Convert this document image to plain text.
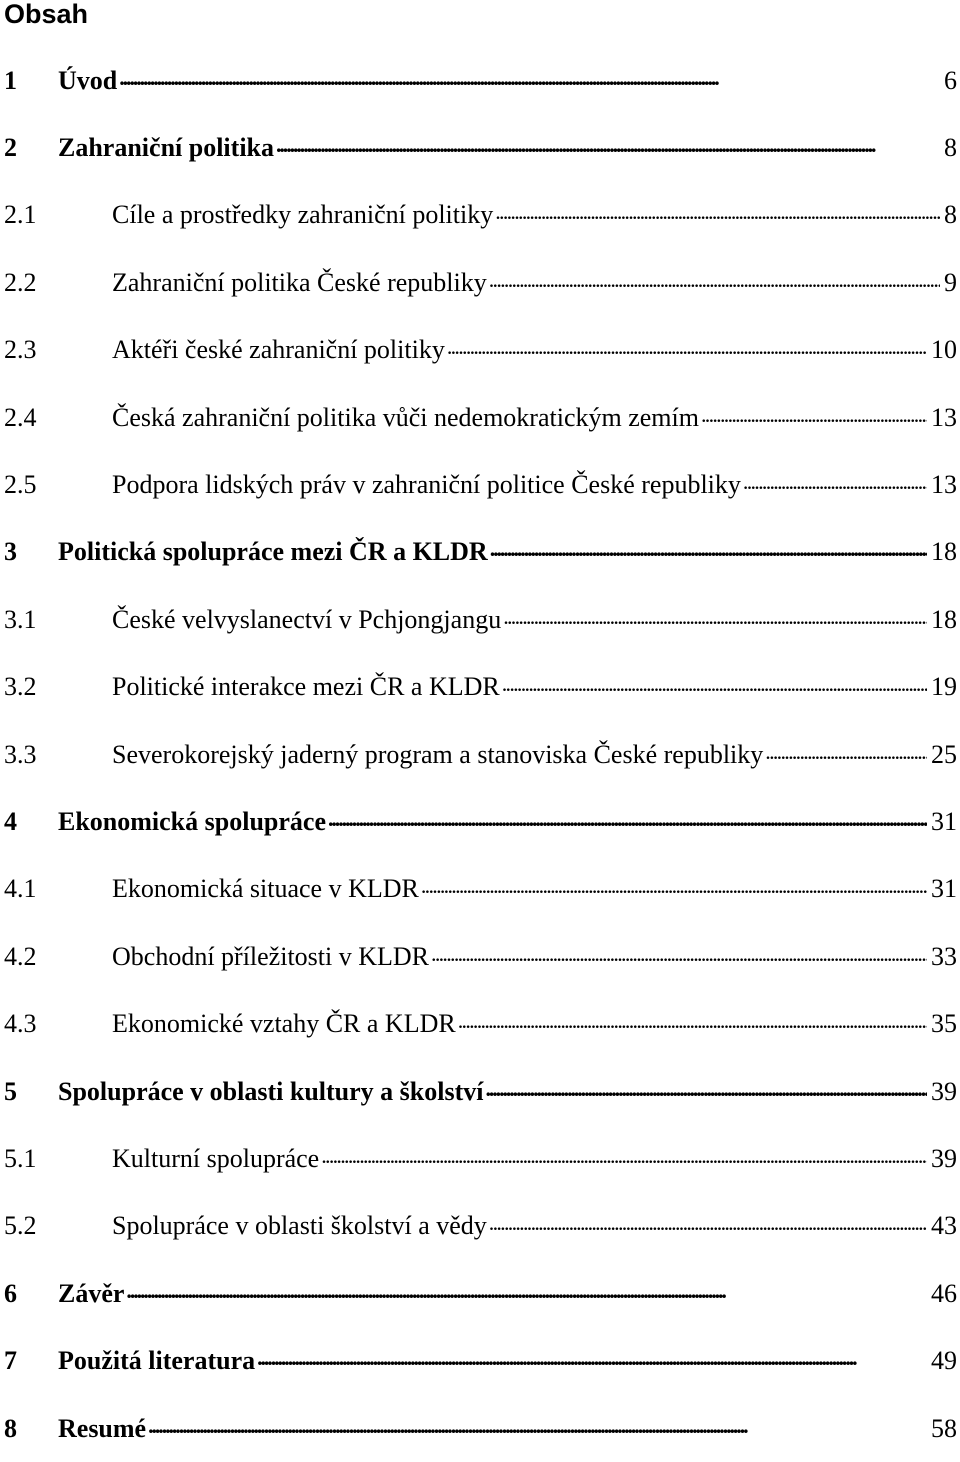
Obsah
1 Úvod . . .	6
2 Zahraniční politika . . .	8
2.1	Cíle a prostředky zahraniční politiky . . .	8
2.2	Zahraniční politika České republiky . . .	9
2.3	Aktéři české zahraniční politiky . . .	10
2.4	Česká zahraniční politika vůči nedemokratickým zemím . . .	13
2.5	Podpora lidských práv v zahraniční politice České republiky . . .	13
3 Politická spolupráce mezi ČR a KLDR . . .	18
3.1	České velvyslanectví v Pchjongjangu . . .	18
3.2	Politické interakce mezi ČR a KLDR . . .	19
3.3	Severokorejský jaderný program a stanoviska České republiky . . .	25
4 Ekonomická spolupráce . . .	31
4.1	Ekonomická situace v KLDR . . .	31
4.2	Obchodní příležitosti v KLDR . . .	33
4.3	Ekonomické vztahy ČR a KLDR . . .	35
5 Spolupráce v oblasti kultury a školství . . .	39
5.1	Kulturní spolupráce . . .	39
5.2	Spolupráce v oblasti školství a vědy . . .	43
6 Závěr . . .	46
7 Použitá literatura . . .	49
8 Resumé . . .	58
